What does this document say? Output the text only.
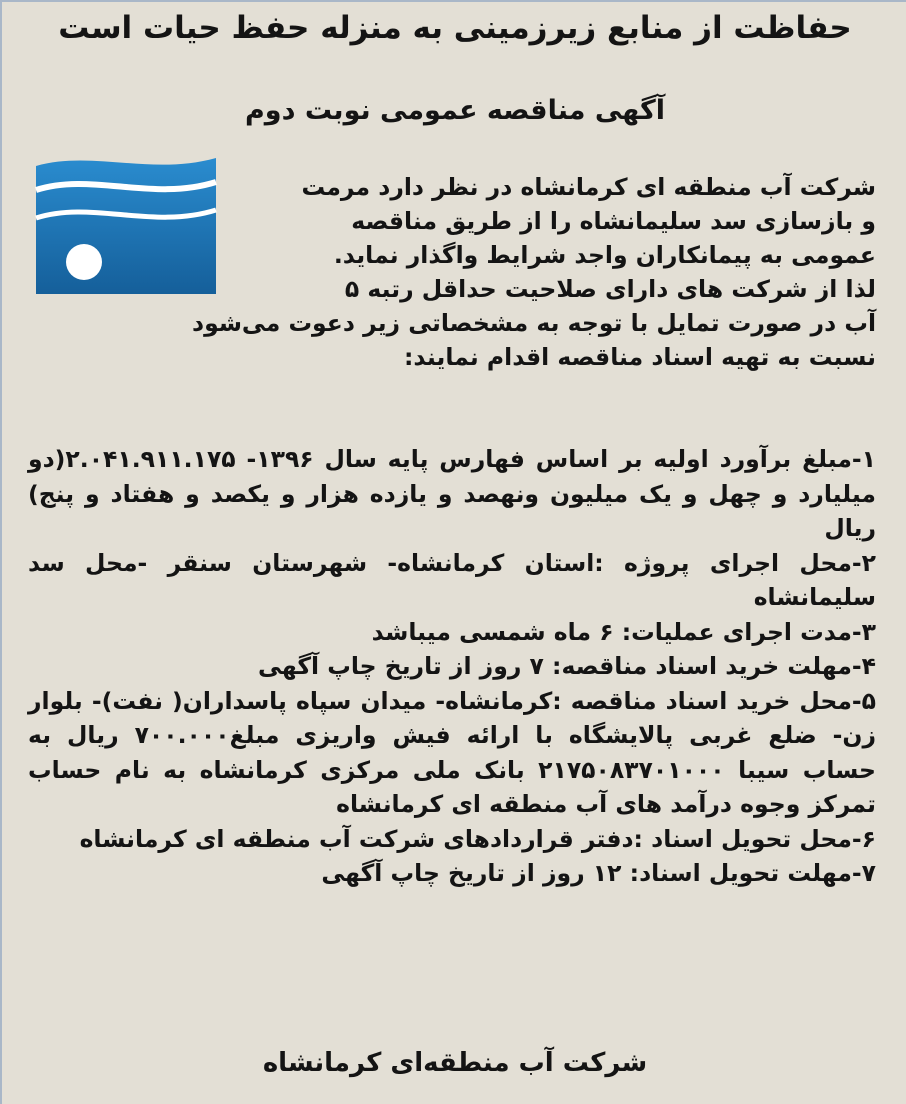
حفاظت از منابع زیرزمینی به منزله حفظ حیات است
آگهی مناقصه عمومی نوبت دوم
شرکت آب منطقه ای کرمانشاه در نظر دارد مرمت
و بازسازی سد سلیمانشاه را از طریق مناقصه
عمومی به پیمانکاران واجد شرایط واگذار نماید.
لذا از شرکت های دارای صلاحیت حداقل رتبه ۵
آب در صورت تمایل با توجه به مشخصاتی زیر دعوت می‌شود
نسبت به تهیه اسناد مناقصه اقدام نمایند:

۱-مبلغ برآورد اولیه بر اساس فهارس پایه سال ۱۳۹۶- ۲.۰۴۱.۹۱۱.۱۷۵(دو میلیارد و چهل و یک میلیون ونهصد و یازده هزار و یکصد و هفتاد و پنج) ریال

۲-محل اجرای پروژه :استان کرمانشاه- شهرستان سنقر -محل سد سلیمانشاه

۳-مدت اجرای عملیات: ۶ ماه شمسی میباشد

۴-مهلت خرید اسناد مناقصه: ۷ روز از تاریخ چاپ آگهی

۵-محل خرید اسناد مناقصه :کرمانشاه- میدان سپاه پاسداران( نفت)- بلوار زن- ضلع غربی پالایشگاه با ارائه فیش واریزی مبلغ۷۰۰.۰۰۰ ریال به حساب سیبا ۲۱۷۵۰۸۳۷۰۱۰۰۰ بانک ملی مرکزی کرمانشاه به نام حساب تمرکز وجوه درآمد های آب منطقه ای کرمانشاه

۶-محل تحویل اسناد :دفتر قراردادهای شرکت آب منطقه ای کرمانشاه

۷-مهلت تحویل اسناد: ۱۲ روز از تاریخ چاپ آگهی

شرکت آب منطقه‌ای کرمانشاه
